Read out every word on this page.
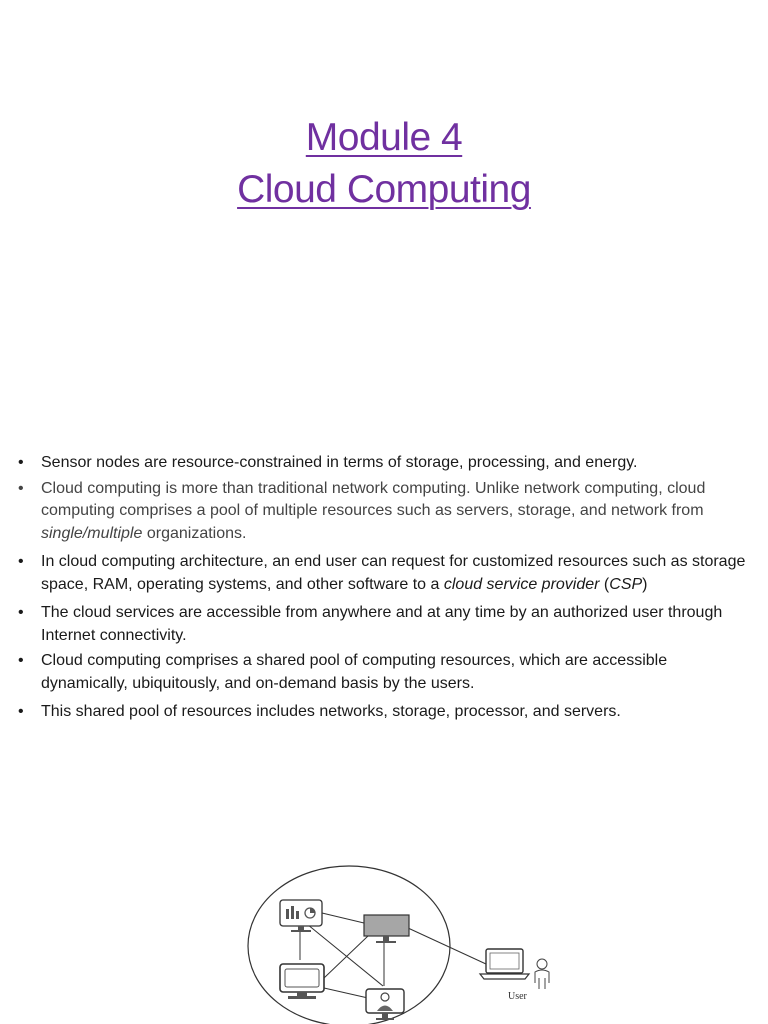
Module 4
Cloud Computing
• Sensor nodes are resource-constrained in terms of storage, processing, and energy.
• Cloud computing is more than traditional network computing. Unlike network computing, cloud computing comprises a pool of multiple resources such as servers, storage, and network from single/multiple organizations.
• In cloud computing architecture, an end user can request for customized resources such as storage space, RAM, operating systems, and other software to a cloud service provider (CSP)
• The cloud services are accessible from anywhere and at any time by an authorized user through Internet connectivity.
• Cloud computing comprises a shared pool of computing resources, which are accessible dynamically, ubiquitously, and on-demand basis by the users.
• This shared pool of resources includes networks, storage, processor, and servers.
User
